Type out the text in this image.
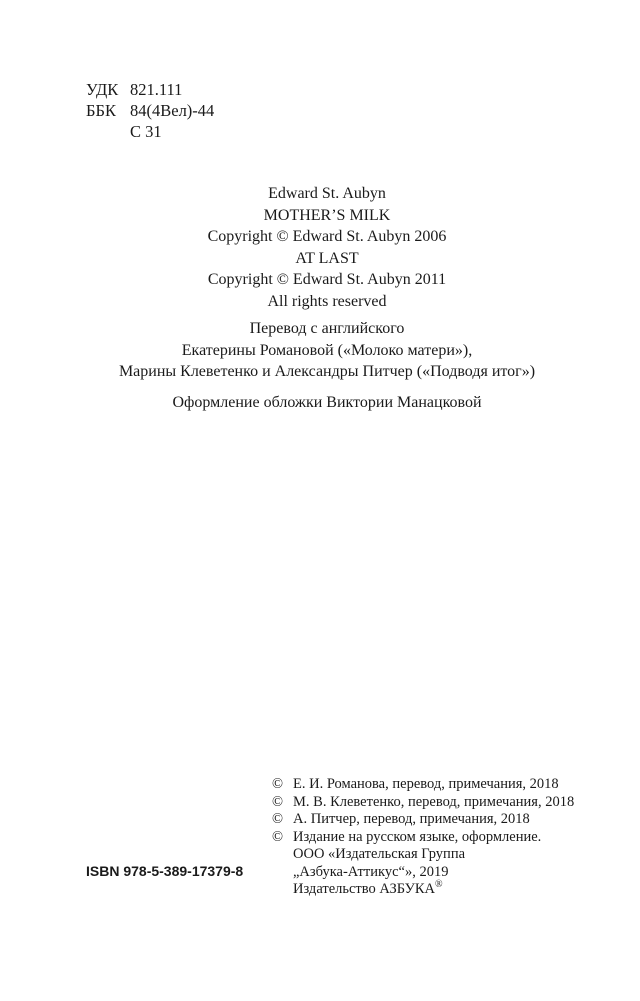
УДК 821.111
ББК 84(4Вел)-44
С 31
Edward St. Aubyn
MOTHER’S MILK
Copyright © Edward St. Aubyn 2006
AT LAST
Copyright © Edward St. Aubyn 2011
All rights reserved
Перевод с английского
Екатерины Романовой («Молоко матери»),
Марины Клеветенко и Александры Питчер («Подводя итог»)
Оформление обложки Виктории Манацковой
© Е. И. Романова, перевод, примечания, 2018
© М. В. Клеветенко, перевод, примечания, 2018
© А. Питчер, перевод, примечания, 2018
© Издание на русском языке, оформление.
ООО «Издательская Группа
„Азбука-Аттикус“», 2019
Издательство АЗБУКА®
ISBN 978-5-389-17379-8
